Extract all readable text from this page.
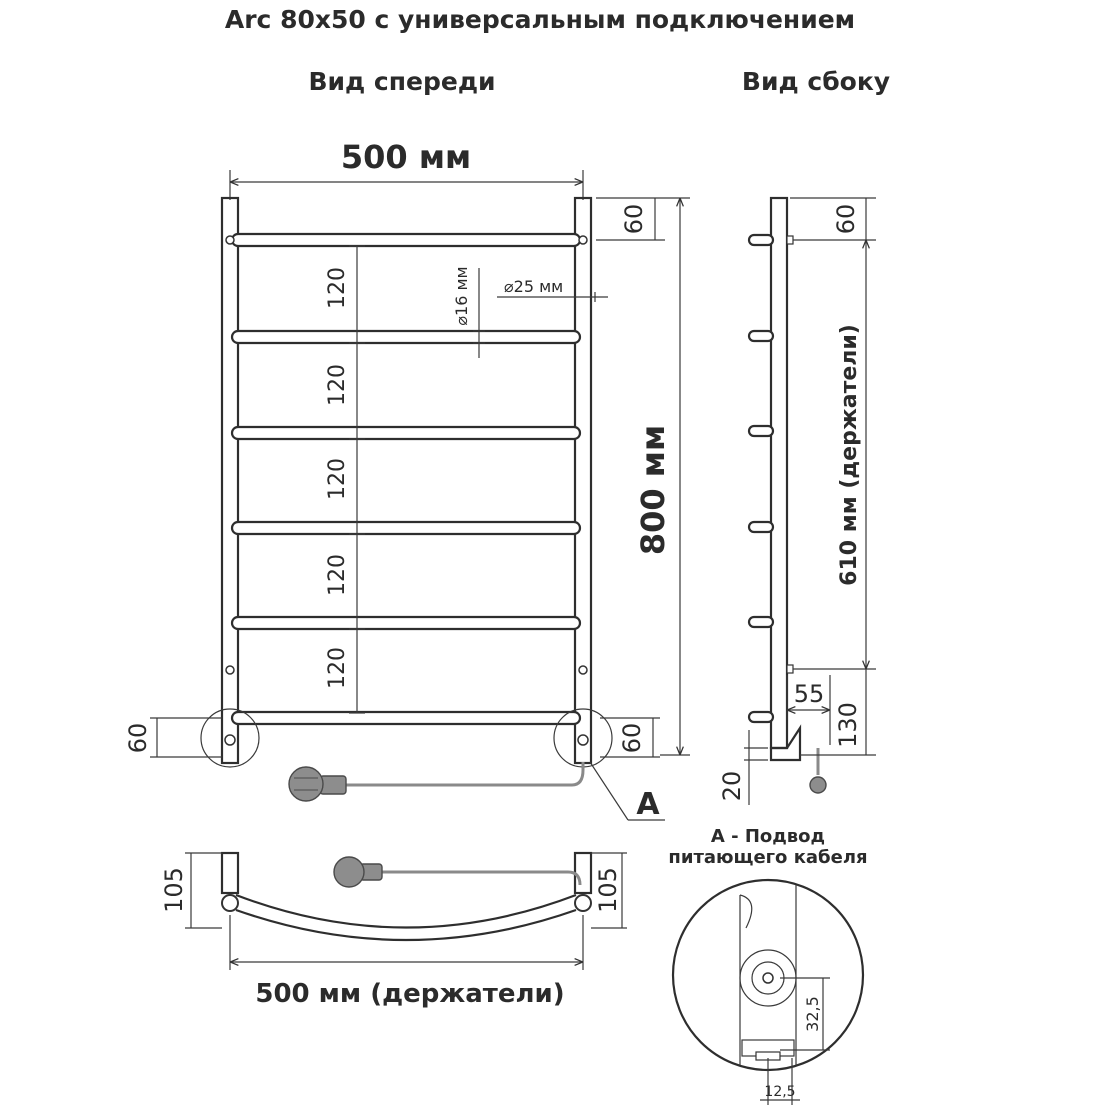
Arc 80x50 с универсальным подключением
Вид спереди	Вид сбоку
500 мм
120
120
120
120
120
⌀16 мм ⌀25 мм
60
800 мм
60	60
A
60
610 мм (держатели)
130
55
20
105	105
500 мм (держатели)
А - Подвод
питающего кабеля
32,5
12,5
